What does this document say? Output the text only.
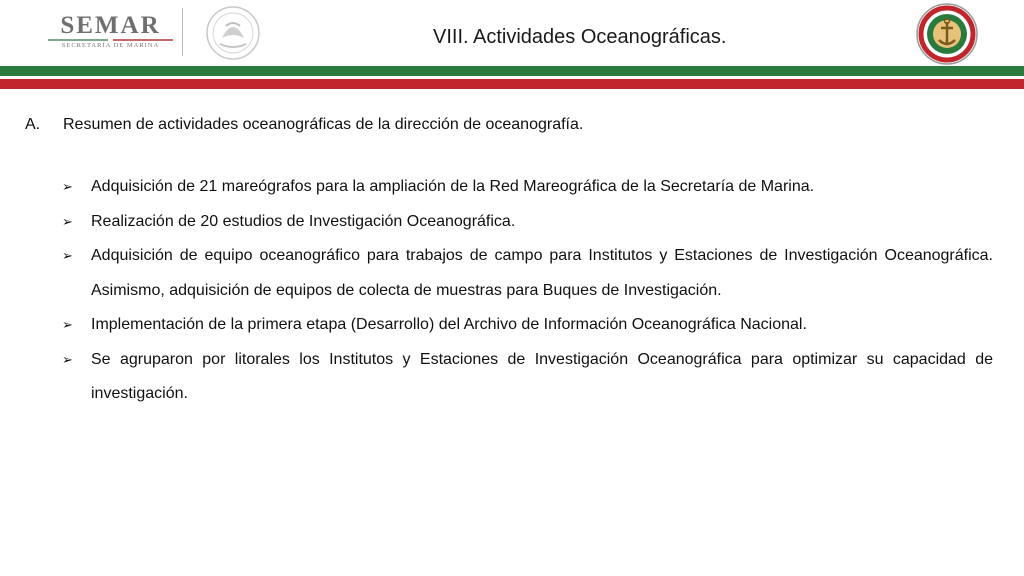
SEMAR
SECRETARÍA DE MARINA	VIII. Actividades Oceanográficas.
A. Resumen de actividades oceanográficas de la dirección de oceanografía.
➢ Adquisición de 21 mareógrafos para la ampliación de la Red Mareográfica de la Secretaría de Marina.
➢ Realización de 20 estudios de Investigación Oceanográfica.
➢ Adquisición de equipo oceanográfico para trabajos de campo para Institutos y Estaciones de Investigación Oceanográfica. Asimismo, adquisición de equipos de colecta de muestras para Buques de Investigación.
➢ Implementación de la primera etapa (Desarrollo) del Archivo de Información Oceanográfica Nacional.
➢ Se agruparon por litorales los Institutos y Estaciones de Investigación Oceanográfica para optimizar su capacidad de investigación.
